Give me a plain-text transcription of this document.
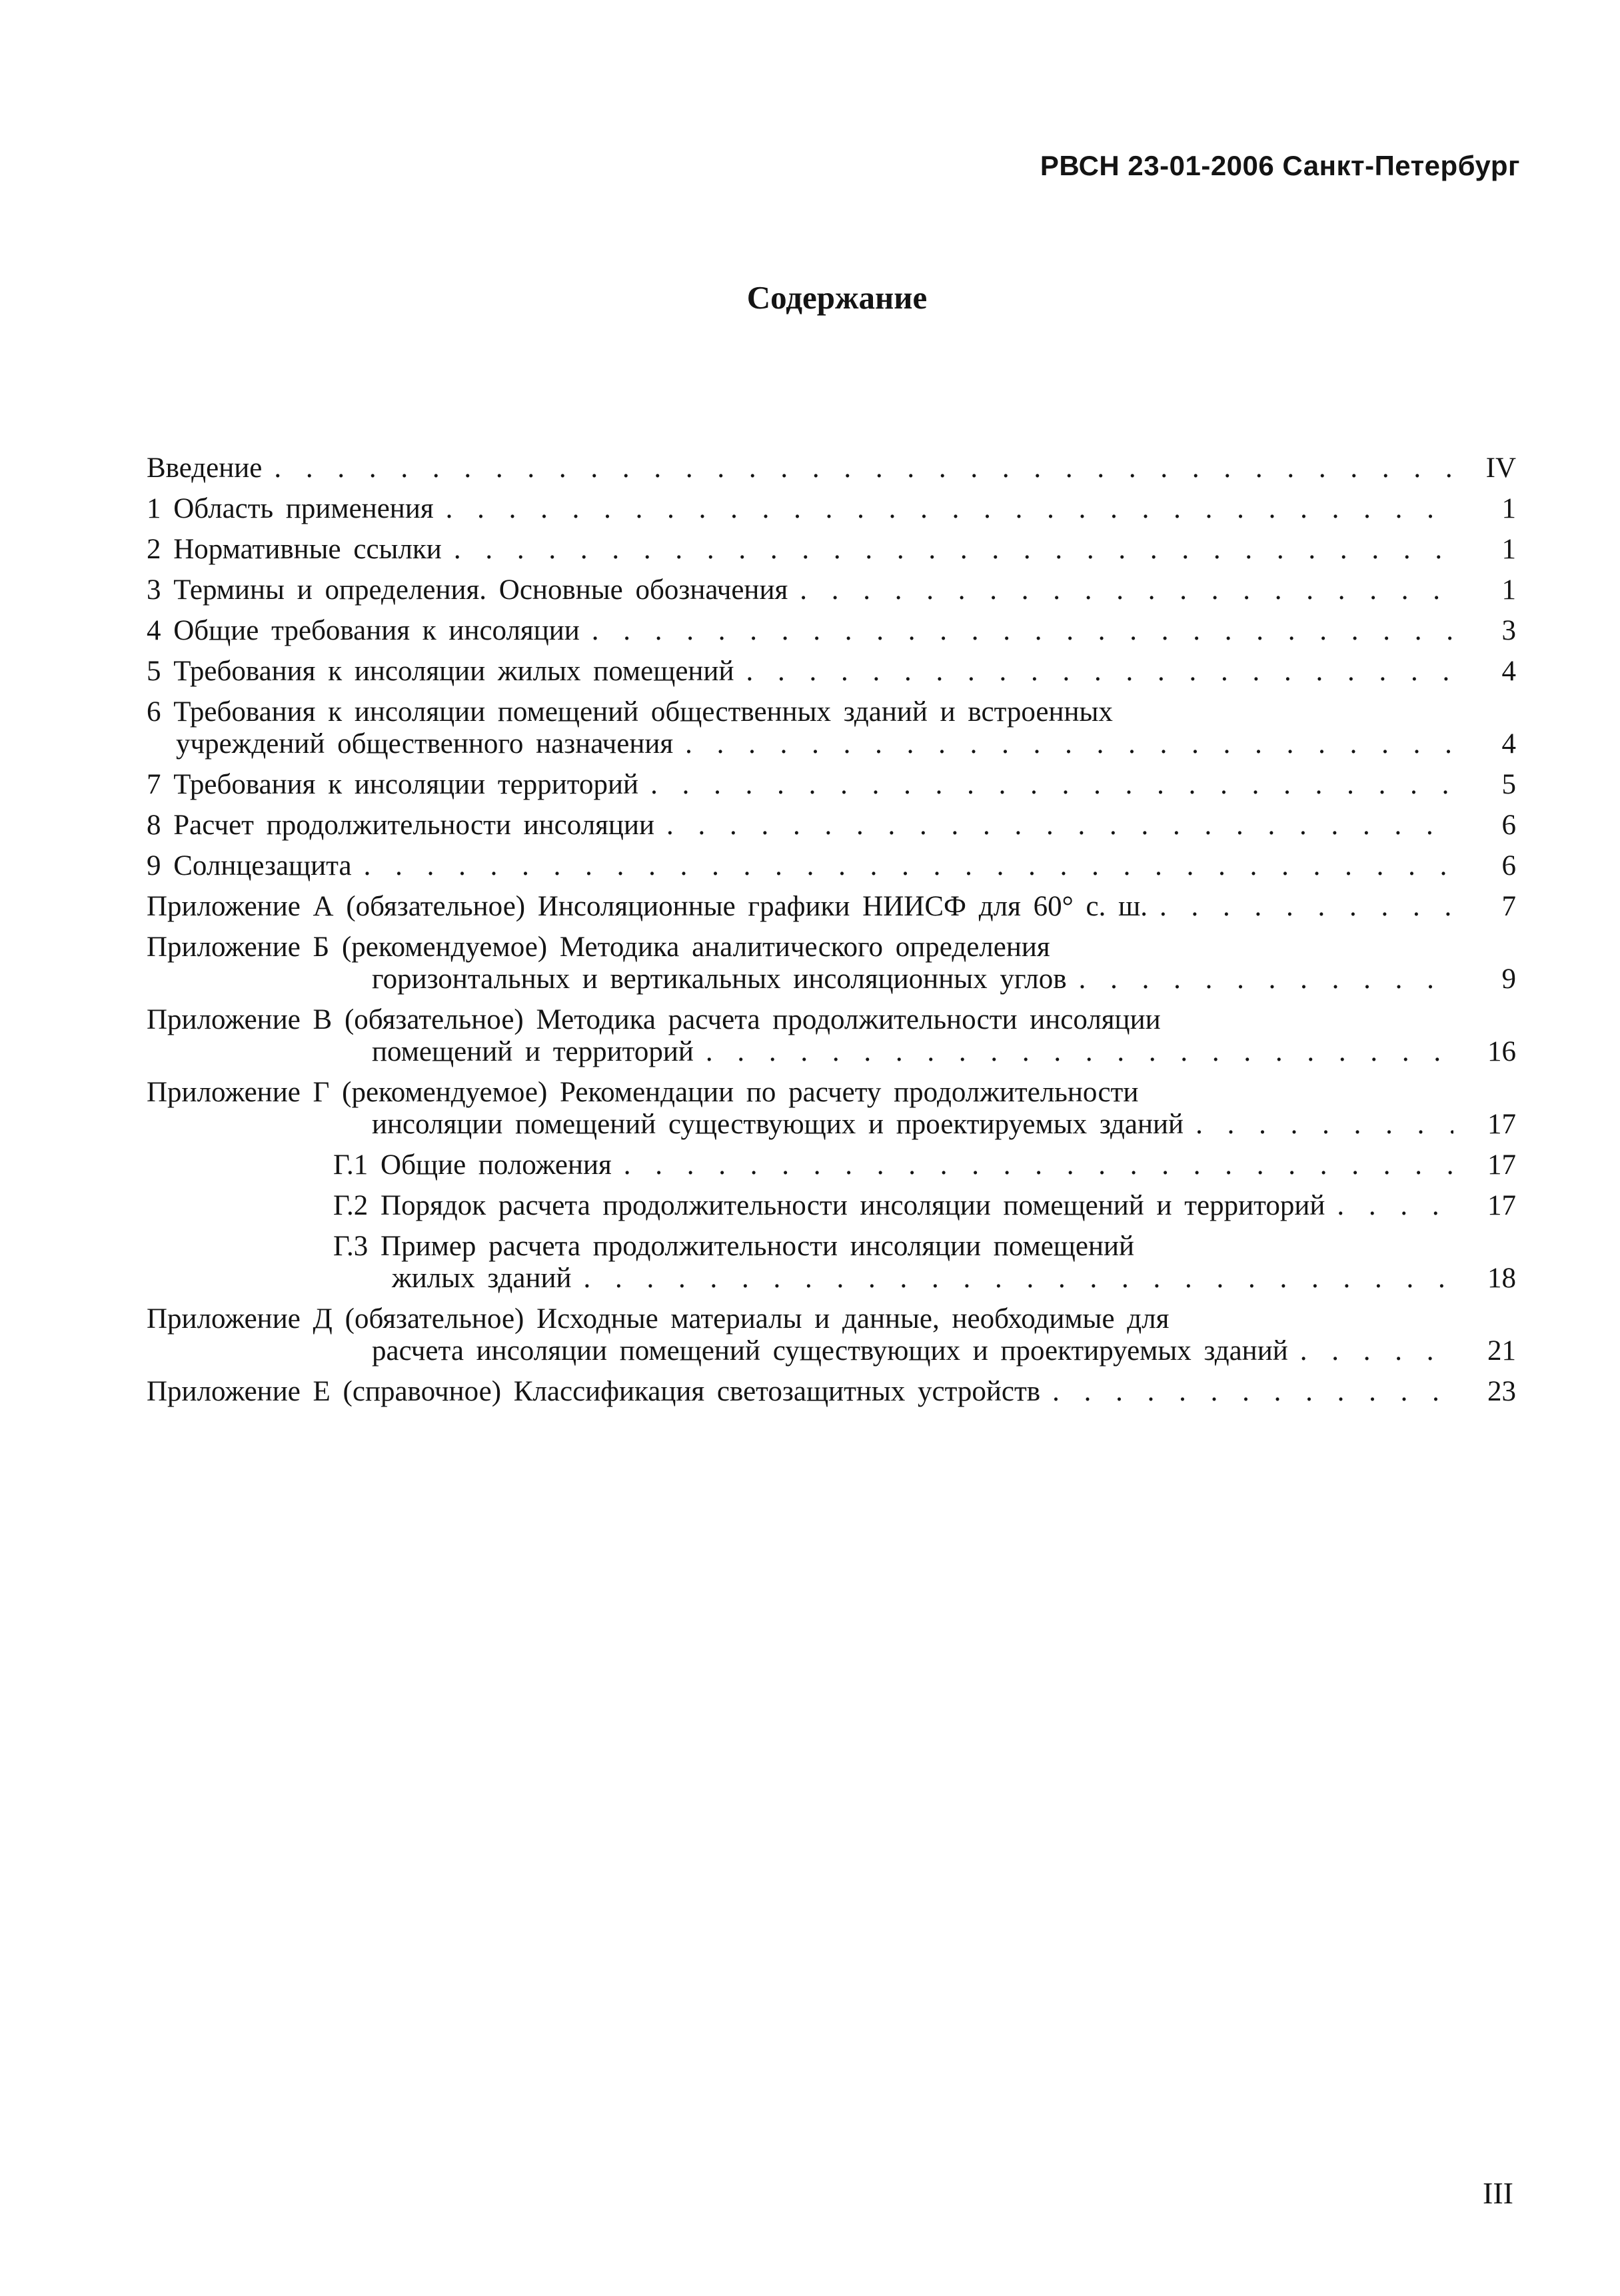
РВСН 23-01-2006 Санкт-Петербург
Содержание
Введение . . .	IV
1 Область применения . . .	1
2 Нормативные ссылки . . .	1
3 Термины и определения. Основные обозначения . . .	1
4 Общие требования к инсоляции . . .	3
5 Требования к инсоляции жилых помещений . . .	4
6 Требования к инсоляции помещений общественных зданий и встроенных
учреждений общественного назначения . . .	4
7 Требования к инсоляции территорий . . .	5
8 Расчет продолжительности инсоляции . . .	6
9 Солнцезащита . . .	6
Приложение А (обязательное) Инсоляционные графики НИИСФ для 60° с. ш. . . .	7
Приложение Б (рекомендуемое) Методика аналитического определения
горизонтальных и вертикальных инсоляционных углов . . .	9
Приложение В (обязательное) Методика расчета продолжительности инсоляции
помещений и территорий . . .	16
Приложение Г (рекомендуемое) Рекомендации по расчету продолжительности
инсоляции помещений существующих и проектируемых зданий . . .	17
Г.1 Общие положения . . .	17
Г.2 Порядок расчета продолжительности инсоляции помещений и территорий . . .	17
Г.3 Пример расчета продолжительности инсоляции помещений
жилых зданий . . .	18
Приложение Д (обязательное) Исходные материалы и данные, необходимые для
расчета инсоляции помещений существующих и проектируемых зданий . . .	21
Приложение Е (справочное) Классификация светозащитных устройств . . .	23
III
